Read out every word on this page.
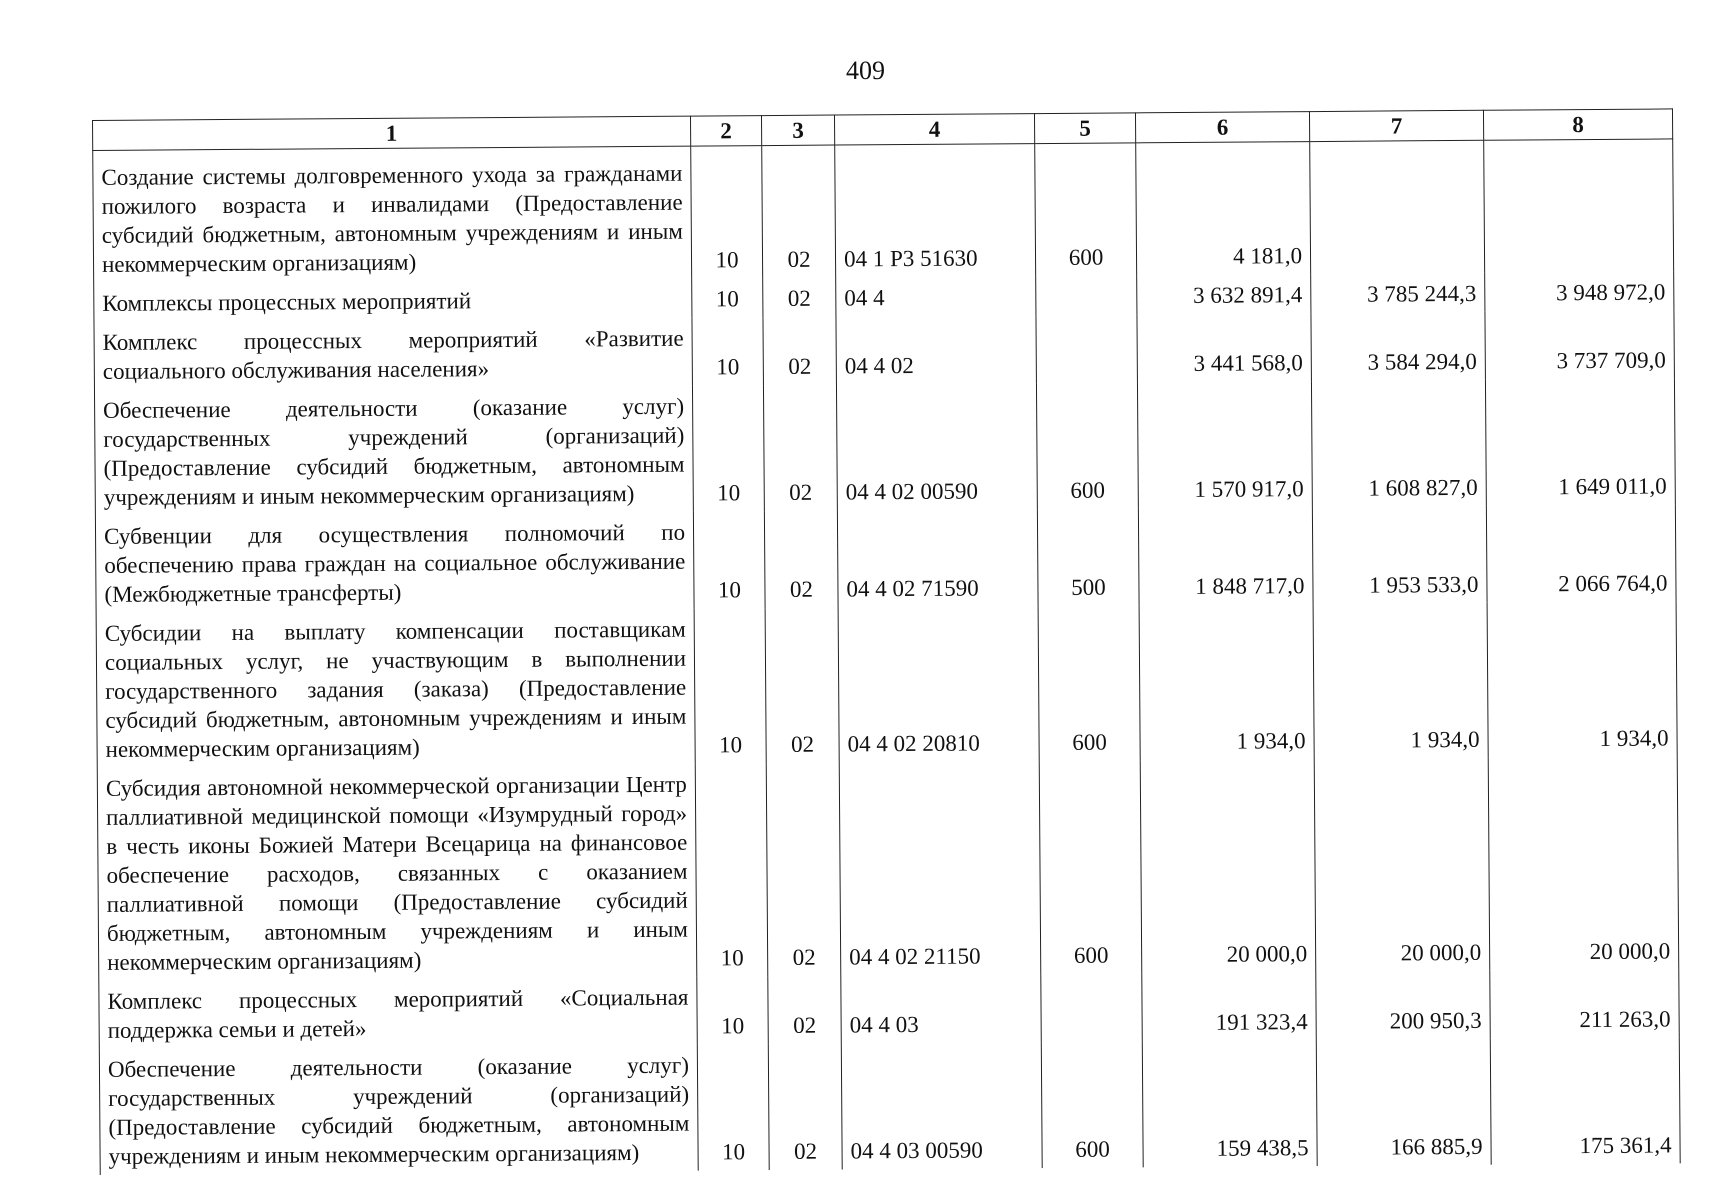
409
1	2	3	4	5	6	7	8
Создание системы долговременного ухода за гражданами пожилого возраста и инвалидами (Предоставление субсидий бюджетным, автономным учреждениям и иным некоммерческим организациям)	10	02	04 1 Р3 51630	600	4 181,0		
Комплексы процессных мероприятий	10	02	04 4		3 632 891,4	3 785 244,3	3 948 972,0
Комплекс процессных мероприятий «Развитие социального обслуживания населения»	10	02	04 4 02		3 441 568,0	3 584 294,0	3 737 709,0
Обеспечение деятельности (оказание услуг) государственных учреждений (организаций) (Предоставление субсидий бюджетным, автономным учреждениям и иным некоммерческим организациям)	10	02	04 4 02 00590	600	1 570 917,0	1 608 827,0	1 649 011,0
Субвенции для осуществления полномочий по обеспечению права граждан на социальное обслуживание (Межбюджетные трансферты)	10	02	04 4 02 71590	500	1 848 717,0	1 953 533,0	2 066 764,0
Субсидии на выплату компенсации поставщикам социальных услуг, не участвующим в выполнении государственного задания (заказа) (Предоставление субсидий бюджетным, автономным учреждениям и иным некоммерческим организациям)	10	02	04 4 02 20810	600	1 934,0	1 934,0	1 934,0
Субсидия автономной некоммерческой организации Центр паллиативной медицинской помощи «Изумрудный город» в честь иконы Божией Матери Всецарица на финансовое обеспечение расходов, связанных с оказанием паллиативной помощи (Предоставление субсидий бюджетным, автономным учреждениям и иным некоммерческим организациям)	10	02	04 4 02 21150	600	20 000,0	20 000,0	20 000,0
Комплекс процессных мероприятий «Социальная поддержка семьи и детей»	10	02	04 4 03		191 323,4	200 950,3	211 263,0
Обеспечение деятельности (оказание услуг) государственных учреждений (организаций) (Предоставление субсидий бюджетным, автономным учреждениям и иным некоммерческим организациям)	10	02	04 4 03 00590	600	159 438,5	166 885,9	175 361,4
